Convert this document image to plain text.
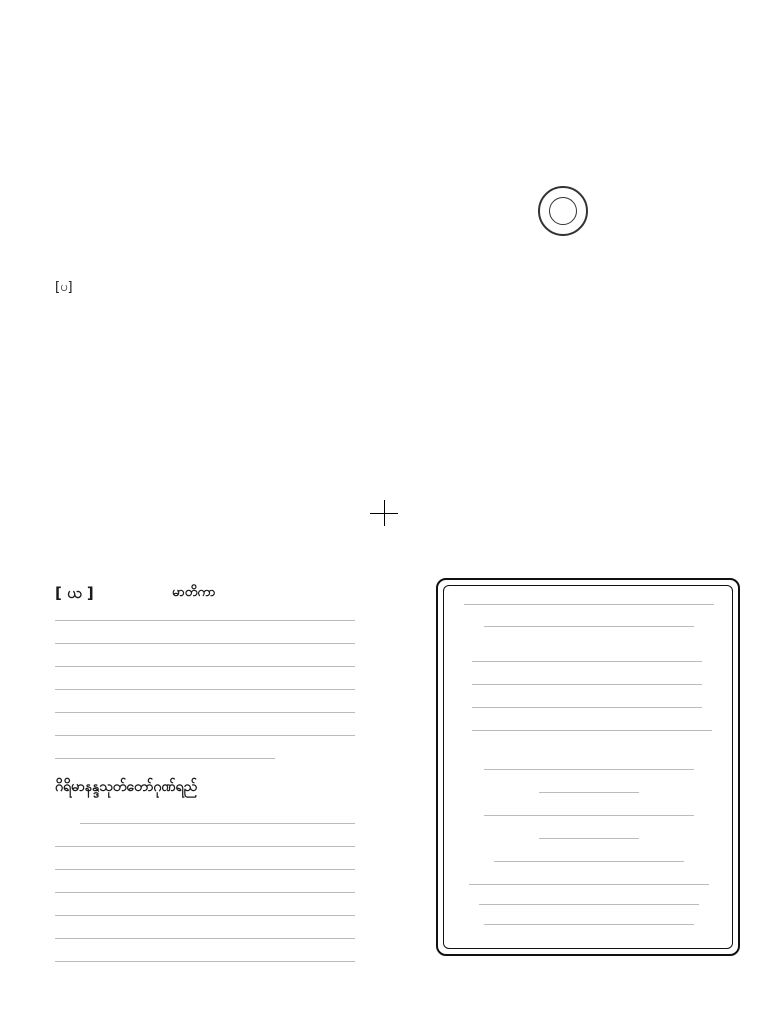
[ပ]
[ ယ ]	မာတိကာ
ဂိရိမာနန္ဒသုတ်တော်ဂုဏ်ရည်
